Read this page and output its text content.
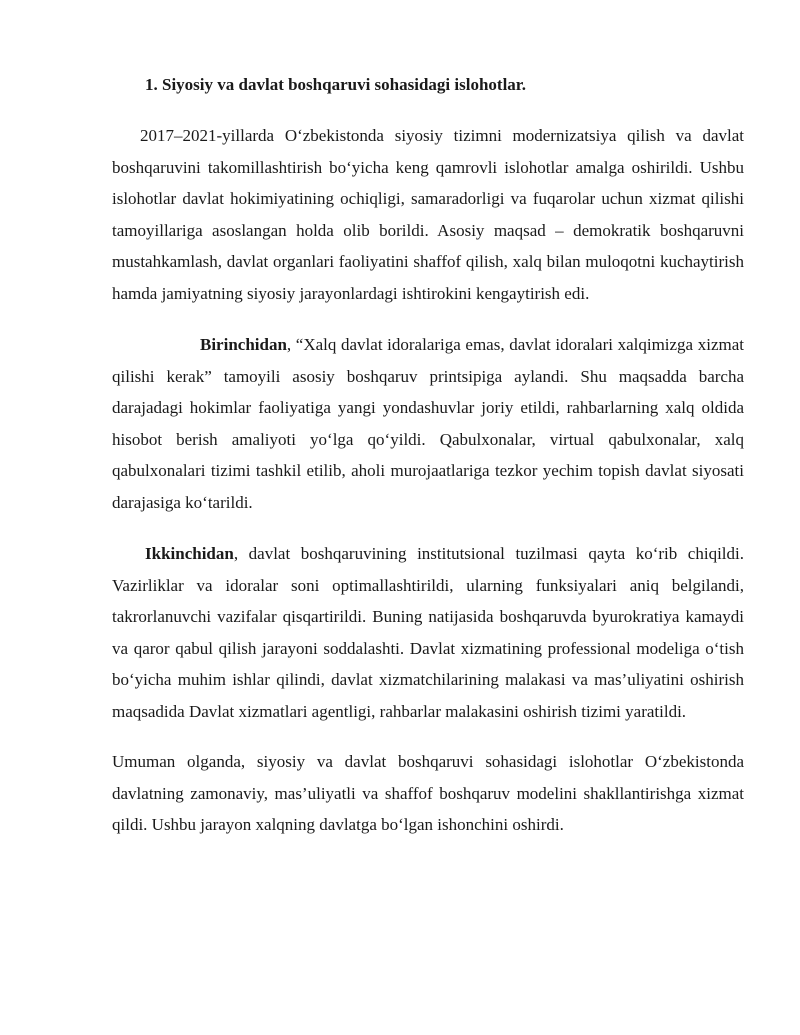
1. Siyosiy va davlat boshqaruvi sohasidagi islohotlar.

2017–2021-yillarda O‘zbekistonda siyosiy tizimni modernizatsiya qilish va davlat boshqaruvini takomillashtirish bo‘yicha keng qamrovli islohotlar amalga oshirildi. Ushbu islohotlar davlat hokimiyatining ochiqligi, samaradorligi va fuqarolar uchun xizmat qilishi tamoyillariga asoslangan holda olib borildi. Asosiy maqsad – demokratik boshqaruvni mustahkamlash, davlat organlari faoliyatini shaffof qilish, xalq bilan muloqotni kuchaytirish hamda jamiyatning siyosiy jarayonlardagi ishtirokini kengaytirish edi.

Birinchidan, “Xalq davlat idoralariga emas, davlat idoralari xalqimizga xizmat qilishi kerak” tamoyili asosiy boshqaruv printsipiga aylandi. Shu maqsadda barcha darajadagi hokimlar faoliyatiga yangi yondashuvlar joriy etildi, rahbarlarning xalq oldida hisobot berish amaliyoti yo‘lga qo‘yildi. Qabulxonalar, virtual qabulxonalar, xalq qabulxonalari tizimi tashkil etilib, aholi murojaatlariga tezkor yechim topish davlat siyosati darajasiga ko‘tarildi.

Ikkinchidan, davlat boshqaruvining institutsional tuzilmasi qayta ko‘rib chiqildi. Vazirliklar va idoralar soni optimallashtirildi, ularning funksiyalari aniq belgilandi, takrorlanuvchi vazifalar qisqartirildi. Buning natijasida boshqaruvda byurokratiya kamaydi va qaror qabul qilish jarayoni soddalashti. Davlat xizmatining professional modeliga o‘tish bo‘yicha muhim ishlar qilindi, davlat xizmatchilarining malakasi va mas’uliyatini oshirish maqsadida Davlat xizmatlari agentligi, rahbarlar malakasini oshirish tizimi yaratildi.

Umuman olganda, siyosiy va davlat boshqaruvi sohasidagi islohotlar O‘zbekistonda davlatning zamonaviy, mas’uliyatli va shaffof boshqaruv modelini shakllantirishga xizmat qildi. Ushbu jarayon xalqning davlatga bo‘lgan ishonchini oshirdi.
